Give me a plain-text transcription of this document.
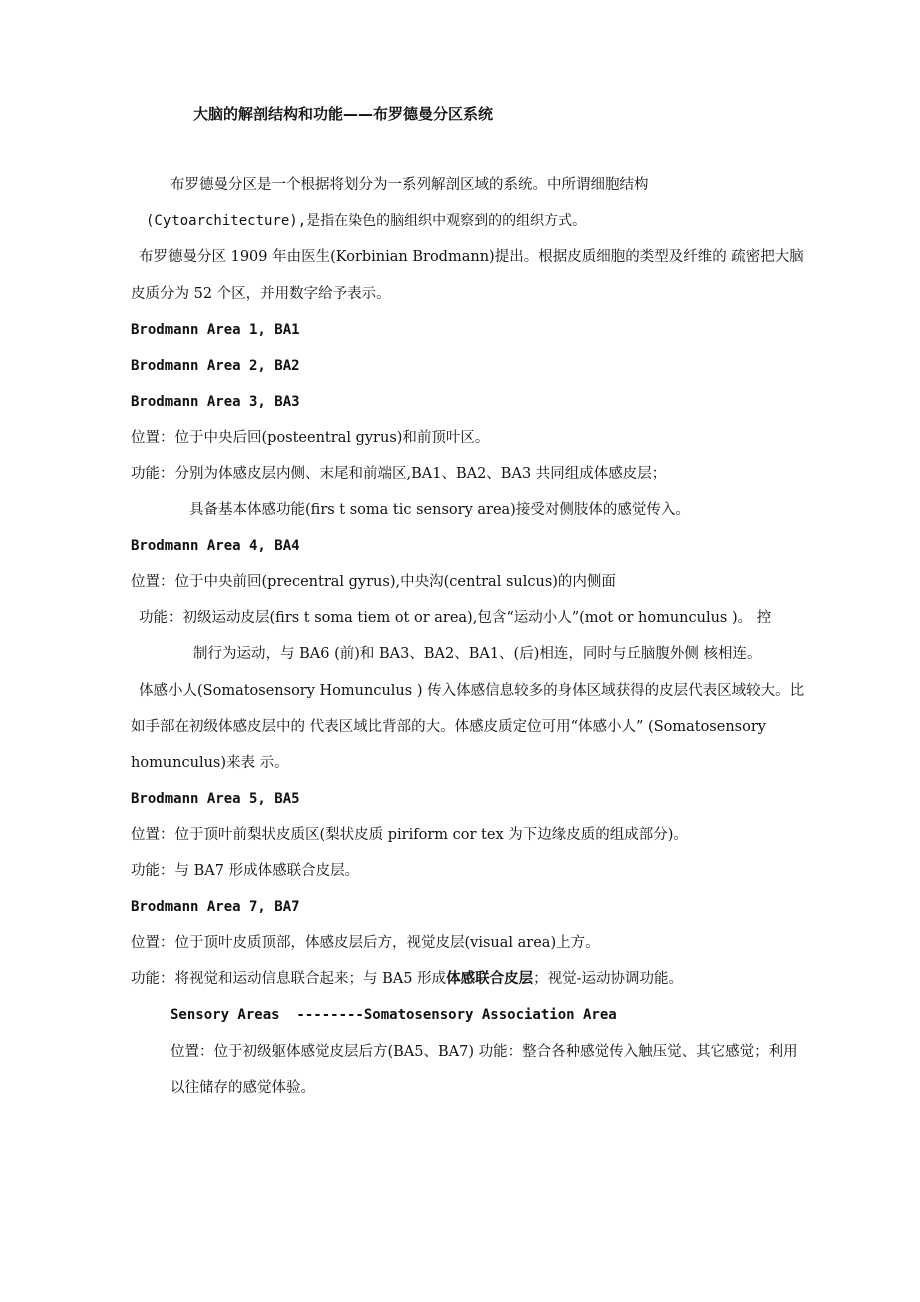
大脑的解剖结构和功能——布罗德曼分区系统
布罗德曼分区是一个根据将划分为一系列解剖区域的系统。中所谓细胞结构
(Cytoarchitecture),是指在染色的脑组织中观察到的的组织方式。
布罗德曼分区 1909 年由医生(Korbinian Brodmann)提出。根据皮质细胞的类型及纤维的 疏密把大脑
皮质分为 52 个区，并用数字给予表示。
Brodmann Area 1, BA1
Brodmann Area 2, BA2
Brodmann Area 3, BA3
位置：位于中央后回(posteentral gyrus)和前顶叶区。
功能：分别为体感皮层内侧、末尾和前端区,BA1、BA2、BA3 共同组成体感皮层；
具备基本体感功能(firs t soma tic sensory area)接受对侧肢体的感觉传入。
Brodmann Area 4, BA4
位置：位于中央前回(precentral gyrus),中央沟(central sulcus)的内侧面
功能：初级运动皮层(firs t soma tiem ot or area),包含“运动小人”(mot or homunculus )。 控
制行为运动，与 BA6 (前)和 BA3、BA2、BA1、(后)相连，同时与丘脑腹外侧 核相连。
体感小人(Somatosensory Homunculus ) 传入体感信息较多的身体区域获得的皮层代表区域较大。比
如手部在初级体感皮层中的 代表区域比背部的大。体感皮质定位可用“体感小人” (Somatosensory
homunculus)来表 示。
Brodmann Area 5, BA5
位置：位于顶叶前梨状皮质区(梨状皮质 piriform cor tex 为下边缘皮质的组成部分)。
功能：与 BA7 形成体感联合皮层。
Brodmann Area 7, BA7
位置：位于顶叶皮质顶部，体感皮层后方，视觉皮层(visual area)上方。
功能：将视觉和运动信息联合起来；与 BA5 形成体感联合皮层；视觉-运动协调功能。
Sensory Areas  --------Somatosensory Association Area
位置：位于初级躯体感觉皮层后方(BA5、BA7) 功能：整合各种感觉传入触压觉、其它感觉；利用
以往储存的感觉体验。
